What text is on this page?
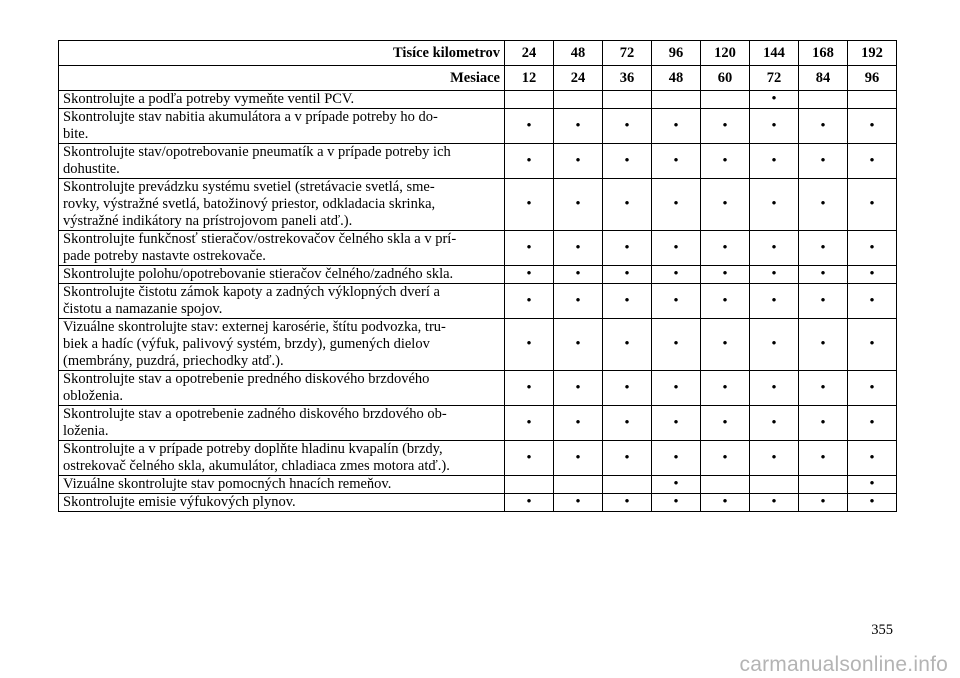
Tisíce kilometrov	24	48	72	96	120	144	168	192
Mesiace	12	24	36	48	60	72	84	96
Skontrolujte a podľa potreby vymeňte ventil PCV.						•		
Skontrolujte stav nabitia akumulátora a v prípade potreby ho do-
bite.	•	•	•	•	•	•	•	•
Skontrolujte stav/opotrebovanie pneumatík a v prípade potreby ich
dohustite.	•	•	•	•	•	•	•	•
Skontrolujte prevádzku systému svetiel (stretávacie svetlá, sme-
rovky, výstražné svetlá, batožinový priestor, odkladacia skrinka,
výstražné indikátory na prístrojovom paneli atď.).	•	•	•	•	•	•	•	•
Skontrolujte funkčnosť stieračov/ostrekovačov čelného skla a v prí-
pade potreby nastavte ostrekovače.	•	•	•	•	•	•	•	•
Skontrolujte polohu/opotrebovanie stieračov čelného/zadného skla.	•	•	•	•	•	•	•	•
Skontrolujte čistotu zámok kapoty a zadných výklopných dverí a
čistotu a namazanie spojov.	•	•	•	•	•	•	•	•
Vizuálne skontrolujte stav: externej karosérie, štítu podvozka, tru-
biek a hadíc (výfuk, palivový systém, brzdy), gumených dielov
(membrány, puzdrá, priechodky atď.).	•	•	•	•	•	•	•	•
Skontrolujte stav a opotrebenie predného diskového brzdového
obloženia.	•	•	•	•	•	•	•	•
Skontrolujte stav a opotrebenie zadného diskového brzdového ob-
loženia.	•	•	•	•	•	•	•	•
Skontrolujte a v prípade potreby doplňte hladinu kvapalín (brzdy,
ostrekovač čelného skla, akumulátor, chladiaca zmes motora atď.).	•	•	•	•	•	•	•	•
Vizuálne skontrolujte stav pomocných hnacích remeňov.				•				•
Skontrolujte emisie výfukových plynov.	•	•	•	•	•	•	•	•
355
carmanualsonline.info
